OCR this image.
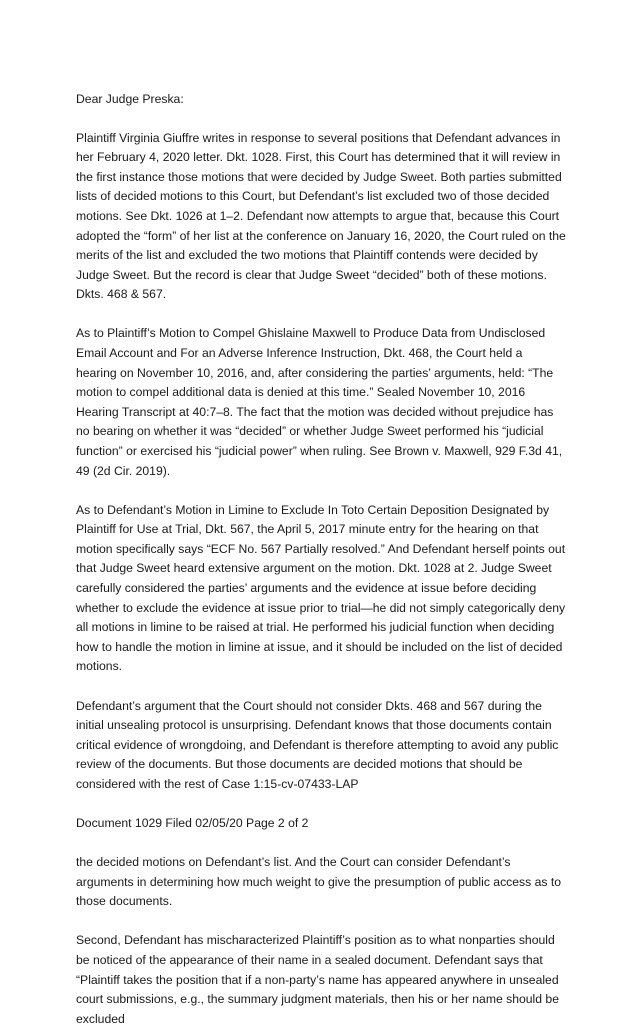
Dear Judge Preska:

Plaintiff Virginia Giuffre writes in response to several positions that Defendant advances in her February 4, 2020 letter. Dkt. 1028. First, this Court has determined that it will review in the first instance those motions that were decided by Judge Sweet. Both parties submitted lists of decided motions to this Court, but Defendant’s list excluded two of those decided motions. See Dkt. 1026 at 1–2. Defendant now attempts to argue that, because this Court adopted the “form” of her list at the conference on January 16, 2020, the Court ruled on the merits of the list and excluded the two motions that Plaintiff contends were decided by Judge Sweet. But the record is clear that Judge Sweet “decided” both of these motions. Dkts. 468 & 567.

As to Plaintiff’s Motion to Compel Ghislaine Maxwell to Produce Data from Undisclosed Email Account and For an Adverse Inference Instruction, Dkt. 468, the Court held a hearing on November 10, 2016, and, after considering the parties’ arguments, held: “The motion to compel additional data is denied at this time.” Sealed November 10, 2016 Hearing Transcript at 40:7–8. The fact that the motion was decided without prejudice has no bearing on whether it was “decided” or whether Judge Sweet performed his “judicial function” or exercised his “judicial power” when ruling. See Brown v. Maxwell, 929 F.3d 41, 49 (2d Cir. 2019).

As to Defendant’s Motion in Limine to Exclude In Toto Certain Deposition Designated by Plaintiff for Use at Trial, Dkt. 567, the April 5, 2017 minute entry for the hearing on that motion specifically says “ECF No. 567 Partially resolved.” And Defendant herself points out that Judge Sweet heard extensive argument on the motion. Dkt. 1028 at 2. Judge Sweet carefully considered the parties’ arguments and the evidence at issue before deciding whether to exclude the evidence at issue prior to trial—he did not simply categorically deny all motions in limine to be raised at trial. He performed his judicial function when deciding how to handle the motion in limine at issue, and it should be included on the list of decided motions.

Defendant’s argument that the Court should not consider Dkts. 468 and 567 during the initial unsealing protocol is unsurprising. Defendant knows that those documents contain critical evidence of wrongdoing, and Defendant is therefore attempting to avoid any public review of the documents. But those documents are decided motions that should be considered with the rest of Case 1:15-cv-07433-LAP

Document 1029 Filed 02/05/20 Page 2 of 2

the decided motions on Defendant’s list. And the Court can consider Defendant’s arguments in determining how much weight to give the presumption of public access as to those documents.

Second, Defendant has mischaracterized Plaintiff’s position as to what nonparties should be noticed of the appearance of their name in a sealed document. Defendant says that “Plaintiff takes the position that if a non-party’s name has appeared anywhere in unsealed court submissions, e.g., the summary judgment materials, then his or her name should be excluded
